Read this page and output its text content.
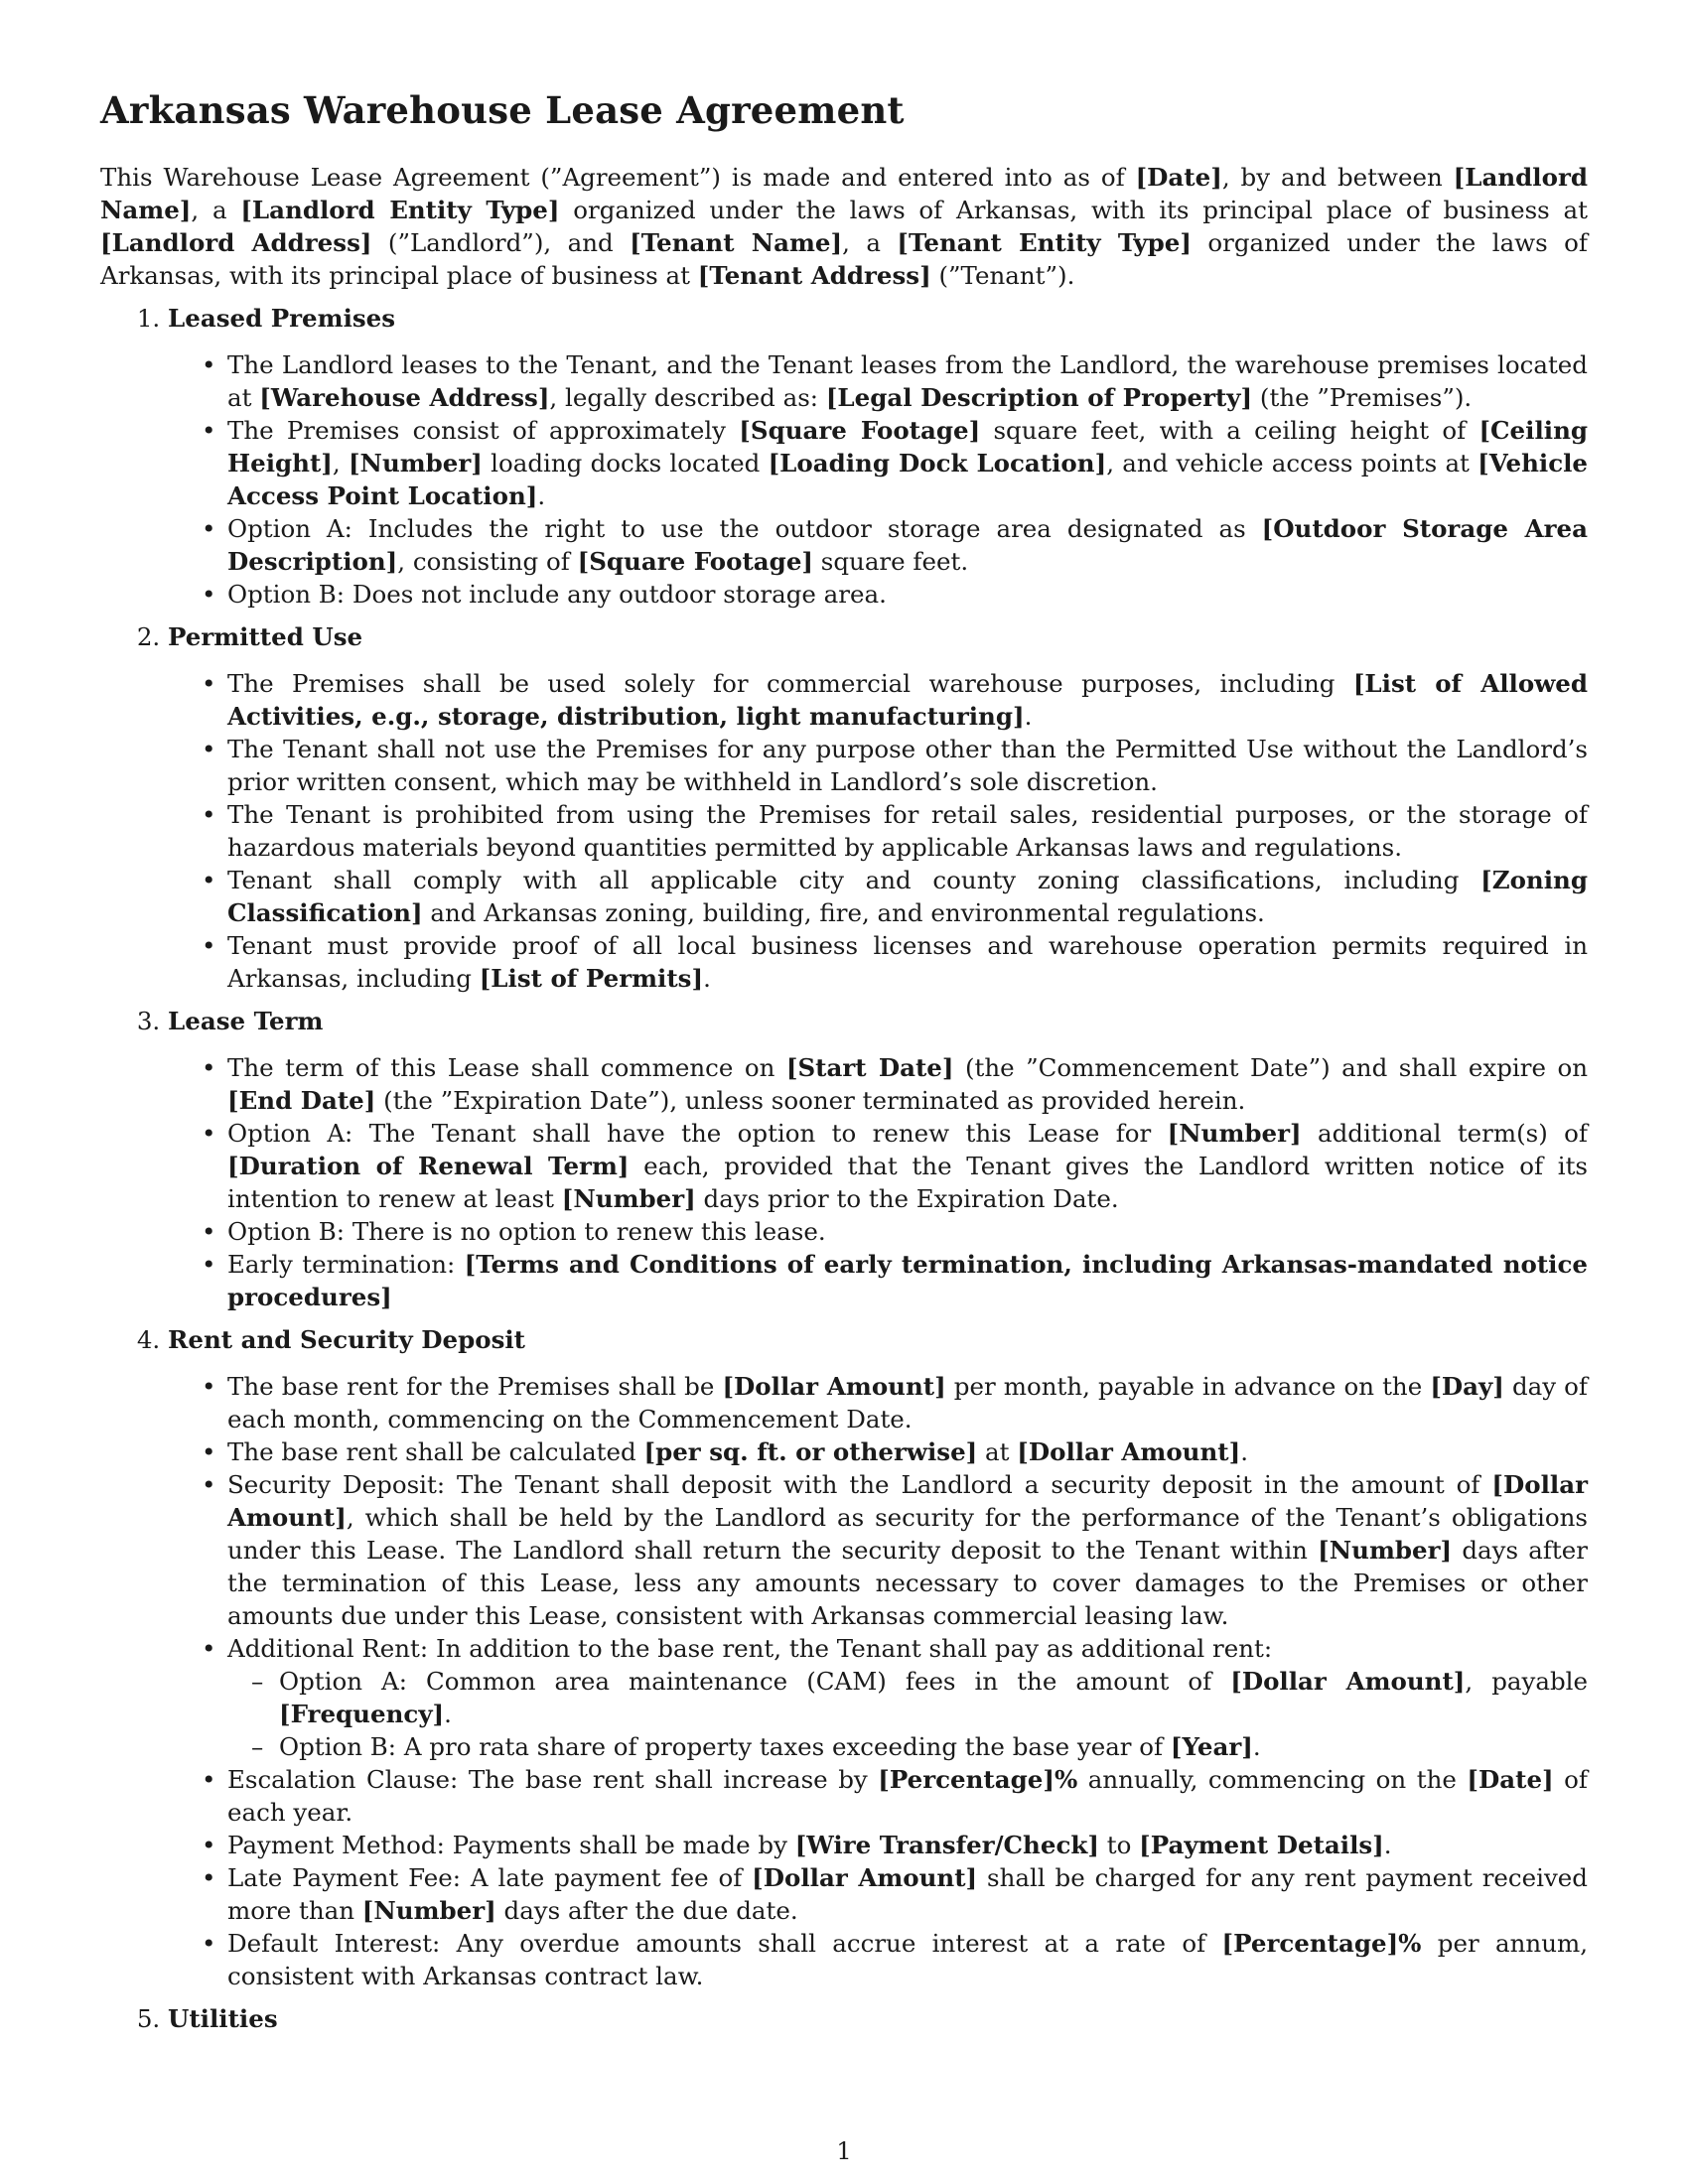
Arkansas Warehouse Lease Agreement

This Warehouse Lease Agreement (”Agreement”) is made and entered into as of [Date], by and between [Landlord Name], a [Landlord Entity Type] organized under the laws of Arkansas, with its principal place of business at [Landlord Address] (”Landlord”), and [Tenant Name], a [Tenant Entity Type] organized under the laws of Arkansas, with its principal place of business at [Tenant Address] (”Tenant”).

1. Leased Premises
• The Landlord leases to the Tenant, and the Tenant leases from the Landlord, the warehouse premises located at [Warehouse Address], legally described as: [Legal Description of Property] (the ”Premises”).
• The Premises consist of approximately [Square Footage] square feet, with a ceiling height of [Ceiling Height], [Number] loading docks located [Loading Dock Location], and vehicle access points at [Vehicle Access Point Location].
• Option A: Includes the right to use the outdoor storage area designated as [Outdoor Storage Area Description], consisting of [Square Footage] square feet.
• Option B: Does not include any outdoor storage area.
2. Permitted Use
• The Premises shall be used solely for commercial warehouse purposes, including [List of Allowed Activities, e.g., storage, distribution, light manufacturing].
• The Tenant shall not use the Premises for any purpose other than the Permitted Use without the Landlord’s prior written consent, which may be withheld in Landlord’s sole discretion.
• The Tenant is prohibited from using the Premises for retail sales, residential purposes, or the storage of hazardous materials beyond quantities permitted by applicable Arkansas laws and regulations.
• Tenant shall comply with all applicable city and county zoning classifications, including [Zoning Classification] and Arkansas zoning, building, fire, and environmental regulations.
• Tenant must provide proof of all local business licenses and warehouse operation permits required in Arkansas, including [List of Permits].
3. Lease Term
• The term of this Lease shall commence on [Start Date] (the ”Commencement Date”) and shall expire on [End Date] (the ”Expiration Date”), unless sooner terminated as provided herein.
• Option A: The Tenant shall have the option to renew this Lease for [Number] additional term(s) of [Duration of Renewal Term] each, provided that the Tenant gives the Landlord written notice of its intention to renew at least [Number] days prior to the Expiration Date.
• Option B: There is no option to renew this lease.
• Early termination: [Terms and Conditions of early termination, including Arkansas-mandated notice procedures]
4. Rent and Security Deposit
• The base rent for the Premises shall be [Dollar Amount] per month, payable in advance on the [Day] day of each month, commencing on the Commencement Date.
• The base rent shall be calculated [per sq. ft. or otherwise] at [Dollar Amount].
• Security Deposit: The Tenant shall deposit with the Landlord a security deposit in the amount of [Dollar Amount], which shall be held by the Landlord as security for the performance of the Tenant’s obligations under this Lease. The Landlord shall return the security deposit to the Tenant within [Number] days after the termination of this Lease, less any amounts necessary to cover damages to the Premises or other amounts due under this Lease, consistent with Arkansas commercial leasing law.
• Additional Rent: In addition to the base rent, the Tenant shall pay as additional rent:
– Option A: Common area maintenance (CAM) fees in the amount of [Dollar Amount], payable [Frequency].
– Option B: A pro rata share of property taxes exceeding the base year of [Year].
• Escalation Clause: The base rent shall increase by [Percentage]% annually, commencing on the [Date] of each year.
• Payment Method: Payments shall be made by [Wire Transfer/Check] to [Payment Details].
• Late Payment Fee: A late payment fee of [Dollar Amount] shall be charged for any rent payment received more than [Number] days after the due date.
• Default Interest: Any overdue amounts shall accrue interest at a rate of [Percentage]% per annum, consistent with Arkansas contract law.
5. Utilities
1
